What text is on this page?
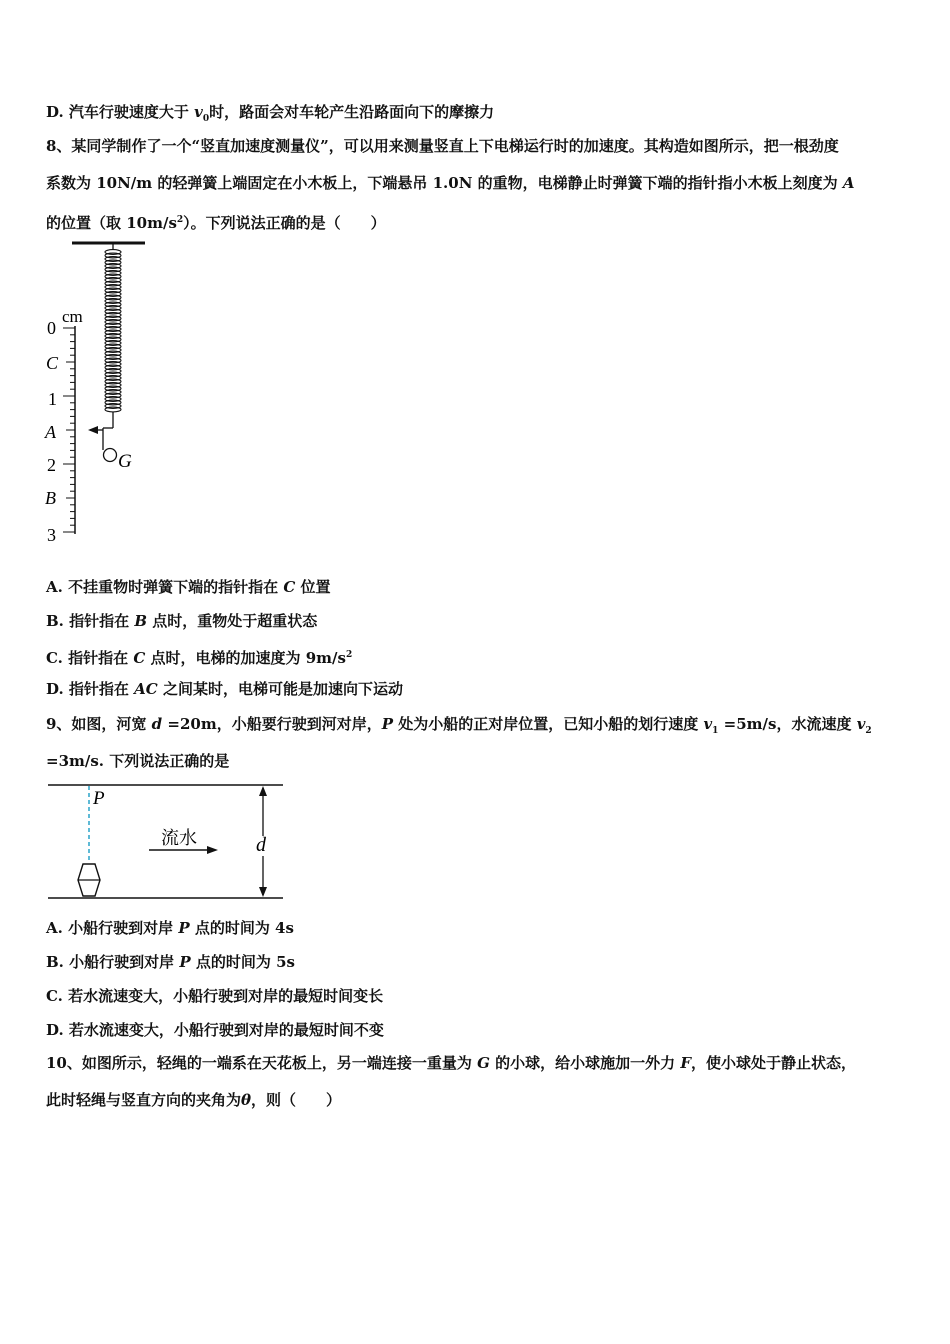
D. 汽车行驶速度大于 $v_0$时，路面会对车轮产生沿路面向下的摩擦力
8、某同学制作了一个“竖直加速度测量仪”，可以用来测量竖直上下电梯运行时的加速度。其构造如图所示，把一根劲度
系数为 10N/m 的轻弹簧上端固定在小木板上，下端悬吊 1.0N 的重物，电梯静止时弹簧下端的指针指小木板上刻度为 A
的位置（取 $10m/s^2$）。下列说法正确的是（　　）
G
cm
0
C
1
A
2
B
3
A. 不挂重物时弹簧下端的指针指在 C 位置
B. 指针指在 B 点时，重物处于超重状态
C. 指针指在 C 点时，电梯的加速度为 $9m/s^2$
D. 指针指在 AC 之间某时，电梯可能是加速向下运动
9、如图，河宽 d =20m，小船要行驶到河对岸，P 处为小船的正对岸位置，已知小船的划行速度 $v_1 =5m/s$，水流速度 $v_2$
=3m/s. 下列说法正确的是
P
流水	d
A. 小船行驶到对岸 P 点的时间为 4s
B. 小船行驶到对岸 P 点的时间为 5s
C. 若水流速变大，小船行驶到对岸的最短时间变长
D. 若水流速变大，小船行驶到对岸的最短时间不变
10、如图所示，轻绳的一端系在天花板上，另一端连接一重量为 G 的小球，给小球施加一外力 F，使小球处于静止状态，
此时轻绳与竖直方向的夹角为θ，则（　　）
